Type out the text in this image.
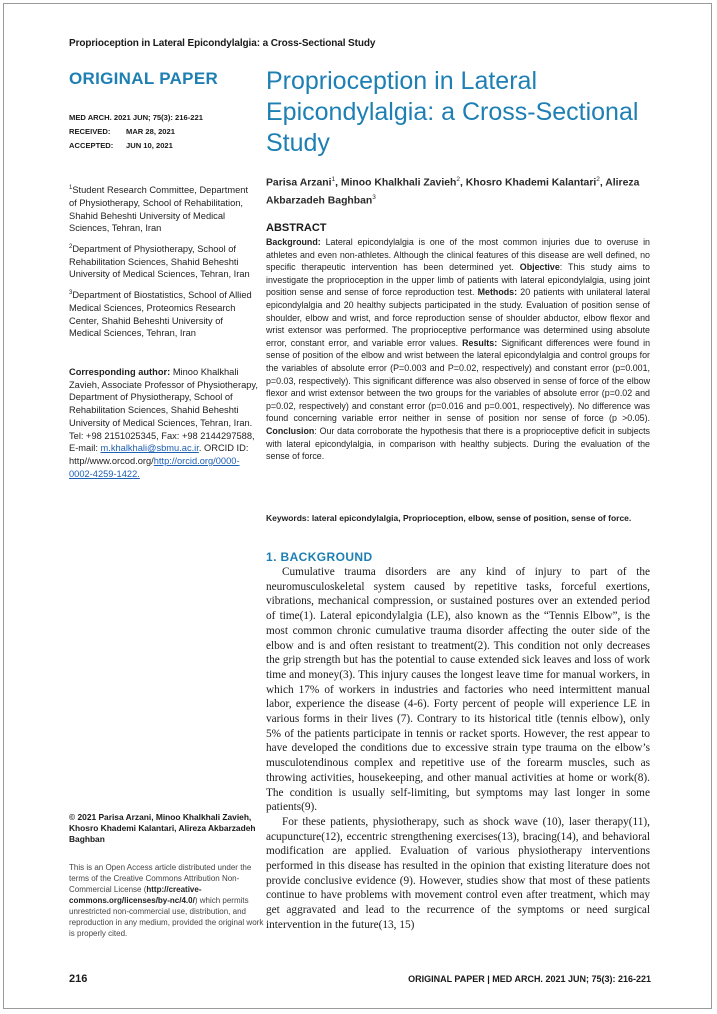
Proprioception in Lateral Epicondylalgia: a Cross-Sectional Study
ORIGINAL PAPER
MED ARCH. 2021 JUN; 75(3): 216-221
RECEIVED:	MAR 28, 2021
ACCEPTED:	JUN 10, 2021

$^1$Student Research Committee, Department of Physiotherapy, School of Rehabilitation, Shahid Beheshti University of Medical Sciences, Tehran, Iran

$^2$Department of Physiotherapy, School of Rehabilitation Sciences, Shahid Beheshti University of Medical Sciences, Tehran, Iran

$^3$Department of Biostatistics, School of Allied Medical Sciences, Proteomics Research Center, Shahid Beheshti University of Medical Sciences, Tehran, Iran

Corresponding author: Minoo Khalkhali Zavieh, Associate Professor of Physiotherapy, Department of Physiotherapy, School of Rehabilitation Sciences, Shahid Beheshti University of Medical Sciences, Tehran, Iran. Tel: +98 2151025345, Fax: +98 2144297588, E-mail: m.khalkhali@sbmu.ac.ir. ORCID ID: http//www.orcod.org/http://orcid.org/0000-0002-4259-1422.
© 2021 Parisa Arzani, Minoo Khalkhali Zavieh, Khosro Khademi Kalantari, Alireza Akbarzadeh Baghban
This is an Open Access article distributed under the terms of the Creative Commons Attribution Non-Commercial License (http://creative-commons.org/licenses/by-nc/4.0/) which permits unrestricted non-commercial use, distribution, and reproduction in any medium, provided the original work is properly cited.
Proprioception in Lateral Epicondylalgia: a Cross-Sectional Study
Parisa Arzani$^1$, Minoo Khalkhali Zavieh$^2$, Khosro Khademi Kalantari$^2$, Alireza Akbarzadeh Baghban$^3$
ABSTRACT
Background: Lateral epicondylalgia is one of the most common injuries due to overuse in athletes and even non-athletes. Although the clinical features of this disease are well defined, no specific therapeutic intervention has been determined yet. Objective: This study aims to investigate the proprioception in the upper limb of patients with lateral epicondylalgia, using joint position sense and sense of force reproduction test. Methods: 20 patients with unilateral lateral epicondylalgia and 20 healthy subjects participated in the study. Evaluation of position sense of shoulder, elbow and wrist, and force reproduction sense of shoulder abductor, elbow flexor and wrist extensor was performed. The proprioceptive performance was determined using absolute error, constant error, and variable error values. Results: Significant differences were found in sense of position of the elbow and wrist between the lateral epicondylalgia and control groups for the variables of absolute error (P=0.003 and P=0.02, respectively) and constant error (p=0.001, p=0.03, respectively). This significant difference was also observed in sense of force of the elbow flexor and wrist extensor between the two groups for the variables of absolute error (p=0.02 and p=0.02, respectively) and constant error (p=0.016 and p=0.001, respectively). No difference was found concerning variable error neither in sense of position nor sense of force (p >0.05). Conclusion: Our data corroborate the hypothesis that there is a proprioceptive deficit in subjects with lateral epicondylalgia, in comparison with healthy subjects. During the evaluation of the sense of force.
Keywords: lateral epicondylalgia, Proprioception, elbow, sense of position, sense of force.
1. BACKGROUND

Cumulative trauma disorders are any kind of injury to part of the neuromusculoskeletal system caused by repetitive tasks, forceful exertions, vibrations, mechanical compression, or sustained postures over an extended period of time(1). Lateral epicondylalgia (LE), also known as the “Tennis Elbow”, is the most common chronic cumulative trauma disorder affecting the outer side of the elbow and is and often resistant to treatment(2). This condition not only decreases the grip strength but has the potential to cause extended sick leaves and loss of work time and money(3). This injury causes the longest leave time for manual workers, in which 17% of workers in industries and factories who need intermittent manual labor, experience the disease (4-6). Forty percent of people will experience LE in various forms in their lives (7). Contrary to its historical title (tennis elbow), only 5% of the patients participate in tennis or racket sports. However, the rest appear to have developed the conditions due to excessive strain type trauma on the elbow’s musculotendinous complex and repetitive use of the forearm muscles, such as throwing activities, housekeeping, and other manual activities at home or work(8). The condition is usually self-limiting, but symptoms may last longer in some patients(9).

For these patients, physiotherapy, such as shock wave (10), laser therapy(11), acupuncture(12), eccentric strengthening exercises(13), bracing(14), and behavioral modification are applied. Evaluation of various physiotherapy interventions performed in this disease has resulted in the opinion that existing literature does not provide conclusive evidence (9). However, studies show that most of these patients continue to have problems with movement control even after treatment, which may get aggravated and lead to the recurrence of the symptoms or need surgical intervention in the future(13, 15)

216	ORIGINAL PAPER | MED ARCH. 2021 JUN; 75(3): 216-221
